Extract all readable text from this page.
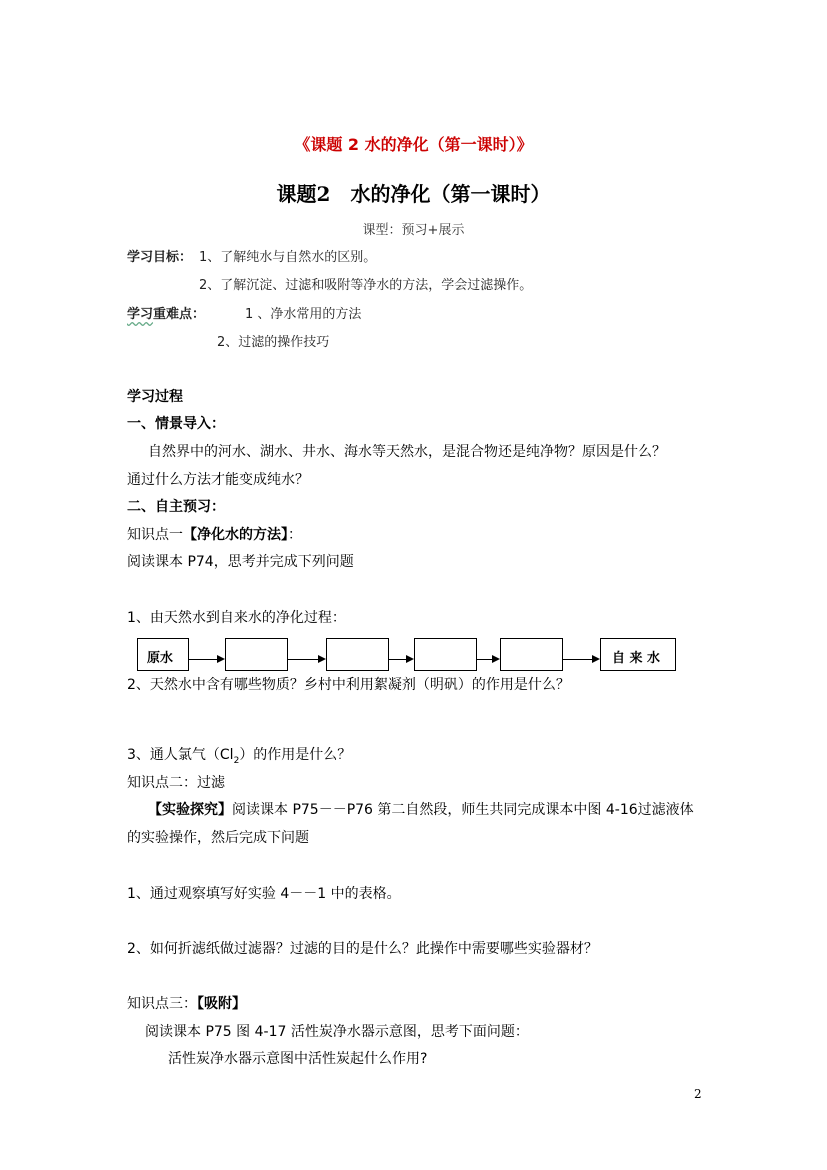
《课题 2 水的净化（第一课时）》
课题2　水的净化（第一课时）
课型：预习+展示
学习目标： 1、了解纯水与自然水的区别。
2、了解沉淀、过滤和吸附等净水的方法，学会过滤操作。
学习重难点：	1 、净水常用的方法
2、过滤的操作技巧
学习过程
一、情景导入：
自然界中的河水、湖水、井水、海水等天然水，是混合物还是纯净物？原因是什么？
通过什么方法才能变成纯水？
二、自主预习：
知识点一【净化水的方法】：
阅读课本 P74，思考并完成下列问题
1、由天然水到自来水的净化过程：
原水	自 来 水
2、天然水中含有哪些物质？乡村中利用絮凝剂（明矾）的作用是什么？
3、通人氯气$(Cl_2)$的作用是什么？
知识点二：过滤
【实验探究】阅读课本 P75－－P76 第二自然段，师生共同完成课本中图 4-16过滤液体
的实验操作，然后完成下问题
1、通过观察填写好实验 4－－1 中的表格。
2、如何折滤纸做过滤器？过滤的目的是什么？此操作中需要哪些实验器材？
知识点三：【吸附】
阅读课本 P75 图 4-17 活性炭净水器示意图，思考下面问题：
活性炭净水器示意图中活性炭起什么作用?
2
